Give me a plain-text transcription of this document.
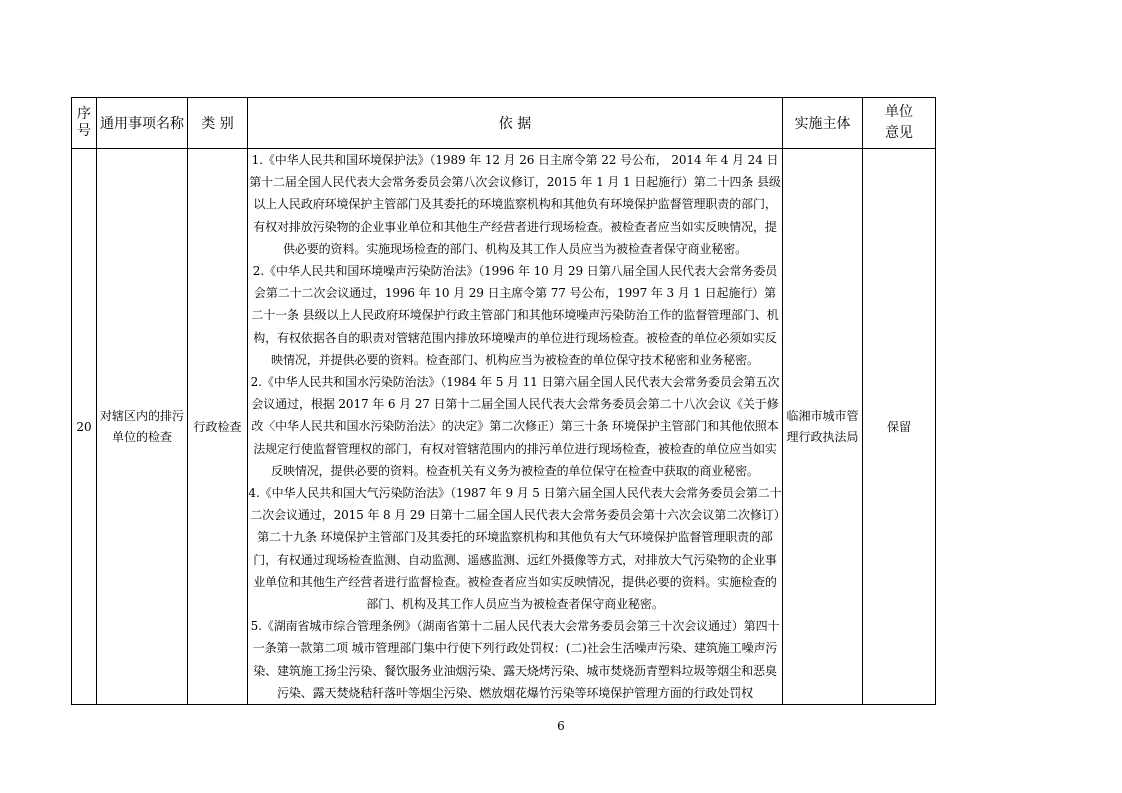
序号	通用事项名称	类 别	依 据	实施主体	单位意见
20	对辖区内的排污单位的检查	行政检查	1.《中华人民共和国环境保护法》（1989 年 12 月 26 日主席令第 22 号公布， 2014 年 4 月 24 日第十二届全国人民代表大会常务委员会第八次会议修订，2015 年 1 月 1 日起施行）第二十四条 县级以上人民政府环境保护主管部门及其委托的环境监察机构和其他负有环境保护监督管理职责的部门，有权对排放污染物的企业事业单位和其他生产经营者进行现场检查。被检查者应当如实反映情况，提供必要的资料。实施现场检查的部门、机构及其工作人员应当为被检查者保守商业秘密。
2.《中华人民共和国环境噪声污染防治法》（1996 年 10 月 29 日第八届全国人民代表大会常务委员会第二十二次会议通过，1996 年 10 月 29 日主席令第 77 号公布，1997 年 3 月 1 日起施行）第二十一条 县级以上人民政府环境保护行政主管部门和其他环境噪声污染防治工作的监督管理部门、机构，有权依据各自的职责对管辖范围内排放环境噪声的单位进行现场检查。被检查的单位必须如实反映情况，并提供必要的资料。检查部门、机构应当为被检查的单位保守技术秘密和业务秘密。
2.《中华人民共和国水污染防治法》（1984 年 5 月 11 日第六届全国人民代表大会常务委员会第五次会议通过，根据 2017 年 6 月 27 日第十二届全国人民代表大会常务委员会第二十八次会议《关于修改〈中华人民共和国水污染防治法〉的决定》第二次修正）第三十条 环境保护主管部门和其他依照本法规定行使监督管理权的部门，有权对管辖范围内的排污单位进行现场检查，被检查的单位应当如实反映情况，提供必要的资料。检查机关有义务为被检查的单位保守在检查中获取的商业秘密。
4.《中华人民共和国大气污染防治法》（1987 年 9 月 5 日第六届全国人民代表大会常务委员会第二十二次会议通过，2015 年 8 月 29 日第十二届全国人民代表大会常务委员会第十六次会议第二次修订）第二十九条 环境保护主管部门及其委托的环境监察机构和其他负有大气环境保护监督管理职责的部门，有权通过现场检查监测、自动监测、遥感监测、远红外摄像等方式，对排放大气污染物的企业事业单位和其他生产经营者进行监督检查。被检查者应当如实反映情况，提供必要的资料。实施检查的部门、机构及其工作人员应当为被检查者保守商业秘密。
5.《湖南省城市综合管理条例》（湖南省第十二届人民代表大会常务委员会第三十次会议通过）第四十一条第一款第二项 城市管理部门集中行使下列行政处罚权：(二)社会生活噪声污染、建筑施工噪声污染、建筑施工扬尘污染、餐饮服务业油烟污染、露天烧烤污染、城市焚烧沥青塑料垃圾等烟尘和恶臭污染、露天焚烧秸秆落叶等烟尘污染、燃放烟花爆竹污染等环境保护管理方面的行政处罚权	临湘市城市管理行政执法局	保留
6
